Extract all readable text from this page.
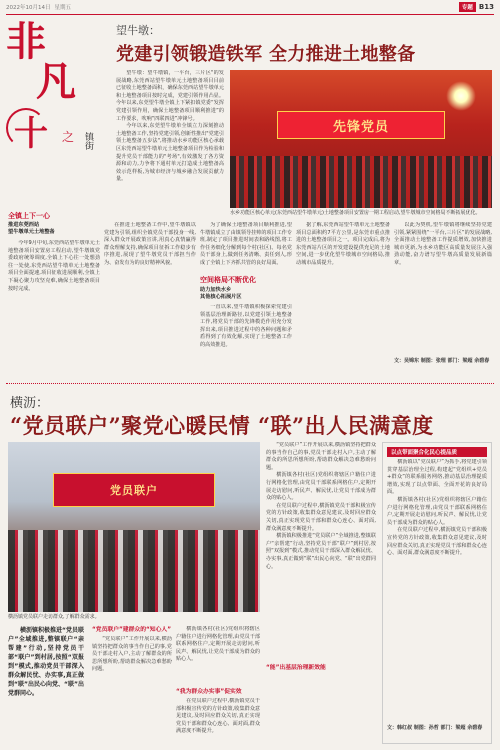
2022年10月14日 星期五	专题 B13
非
凡
十 之 镇街
望牛墩：
党建引领锻造铁军 全力推进土地整备

望牛墩：望牛墩镇，一平台，三片区"的发展战略,东莞西站望牛墩单元土地整备项目目前已征收土地整备面积，确保东莞西站望牛墩单元和土地整备项目按时完成，党建引领作用凸显。今年以来,东莞望牛墩全镇上下紧扣镇党委“发挥党建引领作用，确保土地整备项目顺利推进”的工作要求，吹响“四联四进”冲锋号。

今年以来,东莞望牛墩单全镇立力深刻推动土地整备工作,坚持党建引领,创新性推出"党建引领土地整备五步法",将推动水乡功能区核心承载区东莞西站望牛墩单元土地整备项目作为检验和提升党员干部能力的"考场",有效激发了各方资源和动力,力争将下通村单元打造成土地整备高效示范样板,为城市经济与城乡融合发展贡献力量。

先锋党员
水乡功能区核心单元(东莞西站望牛墩单元)土地整备项目安置房一期工程启动,望牛墩城市空间格局不断拓展优化。
全镇上下一心
推进东莞西站
望牛墩单元土地整备

今年9月中旬,东莞西站望牛墩单元土地整备项目安置房工程启动,望牛墩镇党委政府统筹调度,全镇上下心往一处想劲往一处使,东莞西站望牛墩单元土地整备项目全面提速,项目征收进展顺利,全镇上下凝心聚力攻坚克难,确保土地整备项目按时完成。

在推进土地整备工作中,望牛墩镇以党建为引领,组织全镇党员干部投身一线,深入群众开展政策宣讲,用真心真情赢得群众理解支持,确保项目征拆工作稳步有序推进,展现了望牛墩党员干部担当作为、奋发有为的良好精神风貌。

为了确保土地整备项目顺利推进,望牛墩镇成立了由镇领导挂帅的项目工作专班,制定了项目推进时间表和路线图,将工作任务细化分解到每个村(社区)、每名党员干部身上,做到任务清晰、责任到人,形成了全镇上下齐抓共管的良好局面。

空间格局不断优化
助力加快水乡
其他核心拓展片区

一直以来,望牛墩镇积极探索党建引领基层治理新路径,以党建引领土地整备工作,将党员干部的先锋模范作用充分发挥出来,项目推进过程中的各种问题和矛盾得到了有效化解,实现了土地整备工作的高效推进。

据了解,东莞西站望牛墩单元土地整备项目总面积约7平方公里,是东莞市重点推进的土地整备项目之一。项目完成后,将为东莞西站片区的开发建设提供充足的土地空间,进一步优化望牛墩城市空间格局,推动城市品质提升。

以此为契机,望牛墩镇将继续坚持党建引领,紧紧围绕“一平台,三片区”的发展战略,全面推动土地整备工作提质增效,加快推进城市更新,为水乡功能区高质量发展注入强劲动能,奋力谱写望牛墩高质量发展新篇章。

文：吴锦东 制图：张理 部门：梁超 余碧春
横沥：
“党员联户”聚党心暖民情 “联”出人民满意度
党员联户
横沥镇党员联户走访群众,了解群众需求。

横沥镇积极推进“党员联户”全域推进,整镇联户“亲帮建”行动,坚持党员干部“联户”到村居,按照“双报到”模式,推动党员干部深入群众解民忧、办实事,真正做到“联”出民心向党、“联”出党群同心。

“党员联户”建群众的“知心人”

“党员联户”工作开展以来,横沥镇坚持把群众的事当作自己的事,党员干部走村入户,主动了解群众的所思所想所盼,帮助群众解决急难愁盼问题。

横沥镇各村(社区)党组织将辖区户籍住户进行网格化管理,由党员干部联系网格住户,定期开展走访慰问,听民声、解民忧,让党员干部成为群众的贴心人。

“我为群众办实事”促实效

在党员联户过程中,横沥镇党员干部积极宣传党的方针政策,收集群众意见建议,及时回应群众关切,真正实现党员干部和群众心连心、面对面,群众满意度不断提升。

“党员联户”工作开展以来,横沥镇坚持把群众的事当作自己的事,党员干部走村入户,主动了解群众的所思所想所盼,帮助群众解决急难愁盼问题。

横沥镇各村(社区)党组织将辖区户籍住户进行网格化管理,由党员干部联系网格住户,定期开展走访慰问,听民声、解民忧,让党员干部成为群众的贴心人。

在党员联户过程中,横沥镇党员干部积极宣传党的方针政策,收集群众意见建议,及时回应群众关切,真正实现党员干部和群众心连心、面对面,群众满意度不断提升。

横沥镇积极推进“党员联户”全域推进,整镇联户“亲帮建”行动,坚持党员干部“联户”到村居,按照“双报到”模式,推动党员干部深入群众解民忧、办实事,真正做到“联”出民心向党、“联”出党群同心。

“能”出基层治理新效能
以点带面聚合化民心提品质

横沥镇以“党员联户”为抓手,将党建引领贯穿基层治理全过程,构建起“党组织+党员+群众”的联系服务网络,推动基层治理提质增效,实现了以点带面、全面开花的良好局面。

横沥镇各村(社区)党组织将辖区户籍住户进行网格化管理,由党员干部联系网格住户,定期开展走访慰问,听民声、解民忧,让党员干部成为群众的贴心人。

在党员联户过程中,横沥镇党员干部积极宣传党的方针政策,收集群众意见建议,及时回应群众关切,真正实现党员干部和群众心连心、面对面,群众满意度不断提升。

文：韩红叔 制图：孙哲 部门：梁超 余碧春
